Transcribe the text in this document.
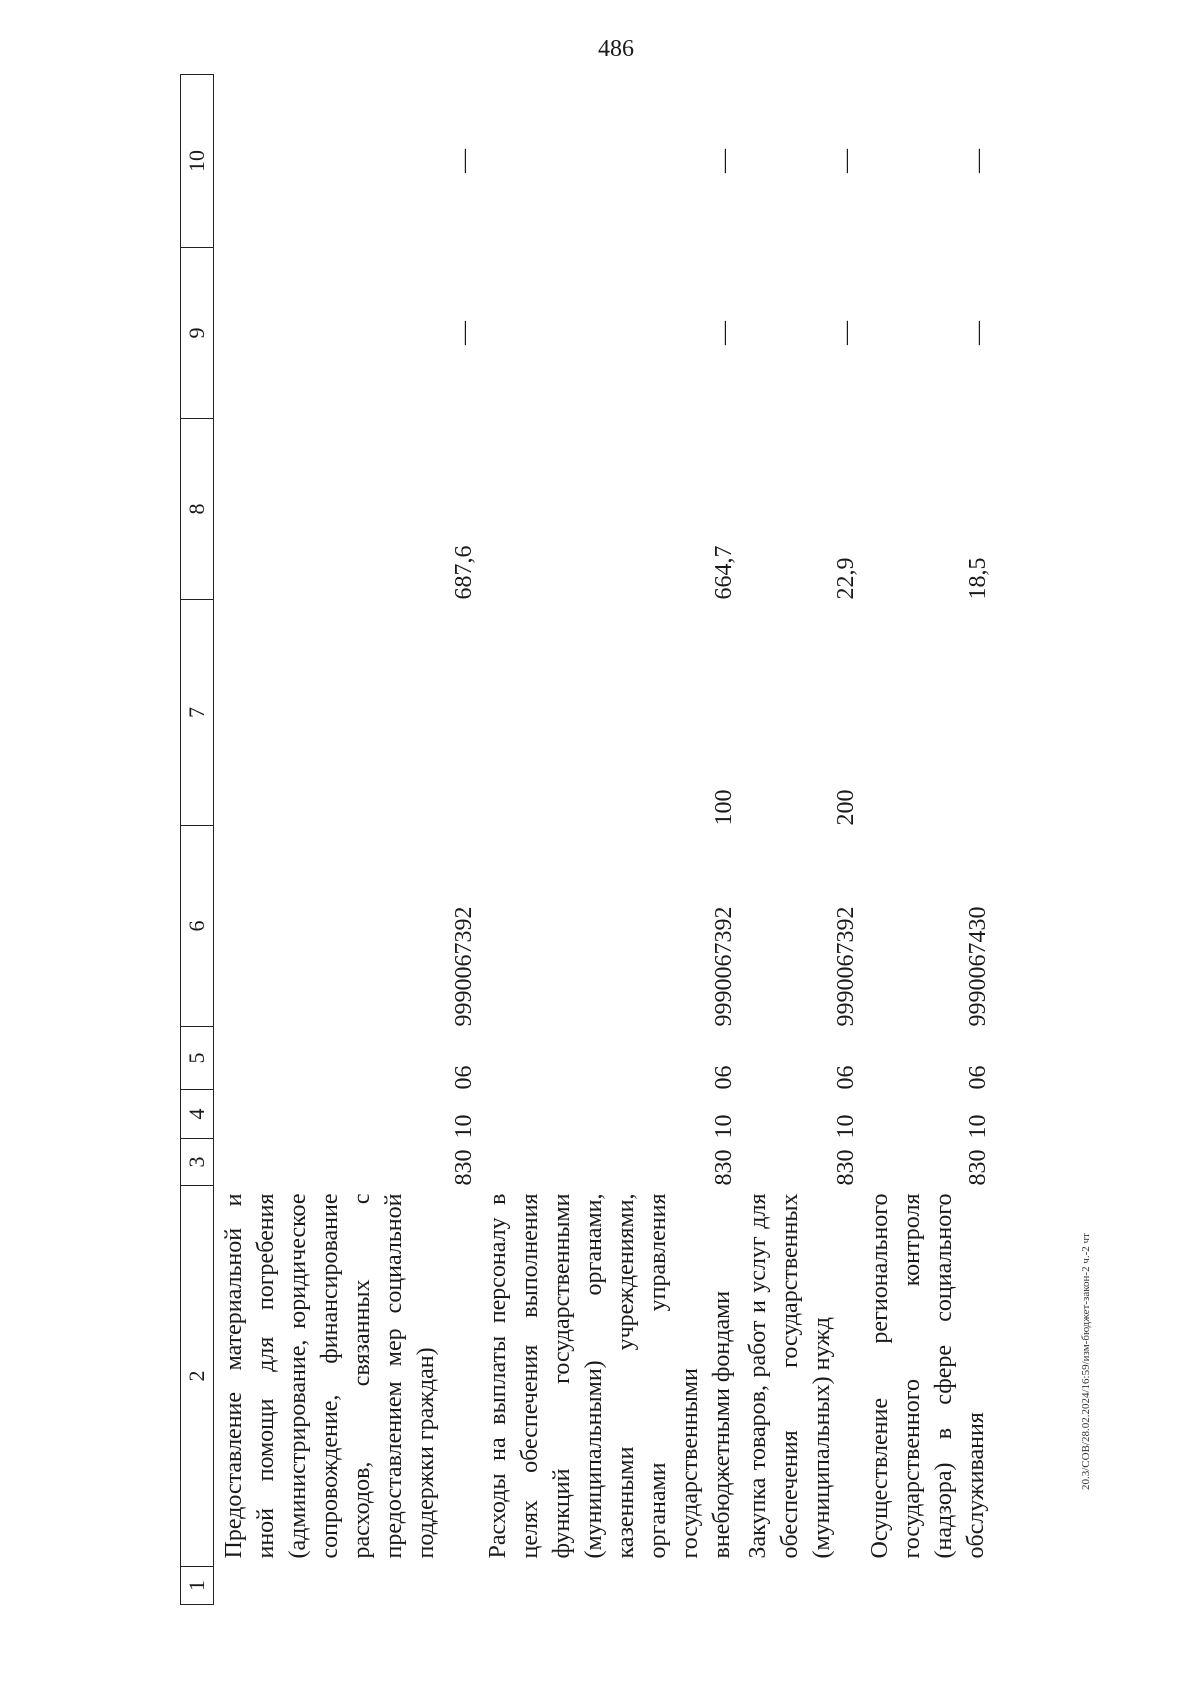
486
1	2	3	4	5	6	7	8	9	10
	Предоставление материальной и иной помощи для погребения (администрирование, юридическое сопровождение, финансирование расходов, связанных с предоставлением мер социальной поддержки граждан)	830	10	06	9990067392		687,6	—	—

	Расходы на выплаты персоналу в целях обеспечения выполнения функций государственными (муниципальными) органами, казенными учреждениями, органами управления государственными внебюджетными фондами	830	10	06	9990067392	100	664,7	—	—

	Закупка товаров, работ и услуг для обеспечения государственных (муниципальных) нужд	830	10	06	9990067392	200	22,9	—	—

	Осуществление регионального государственного контроля (надзора) в сфере социального обслуживания	830	10	06	9990067430		18,5	—	—
20.3/СОВ/28.02.2024/16:59/изм-бюджет-закон-2 ч.-2 чт
